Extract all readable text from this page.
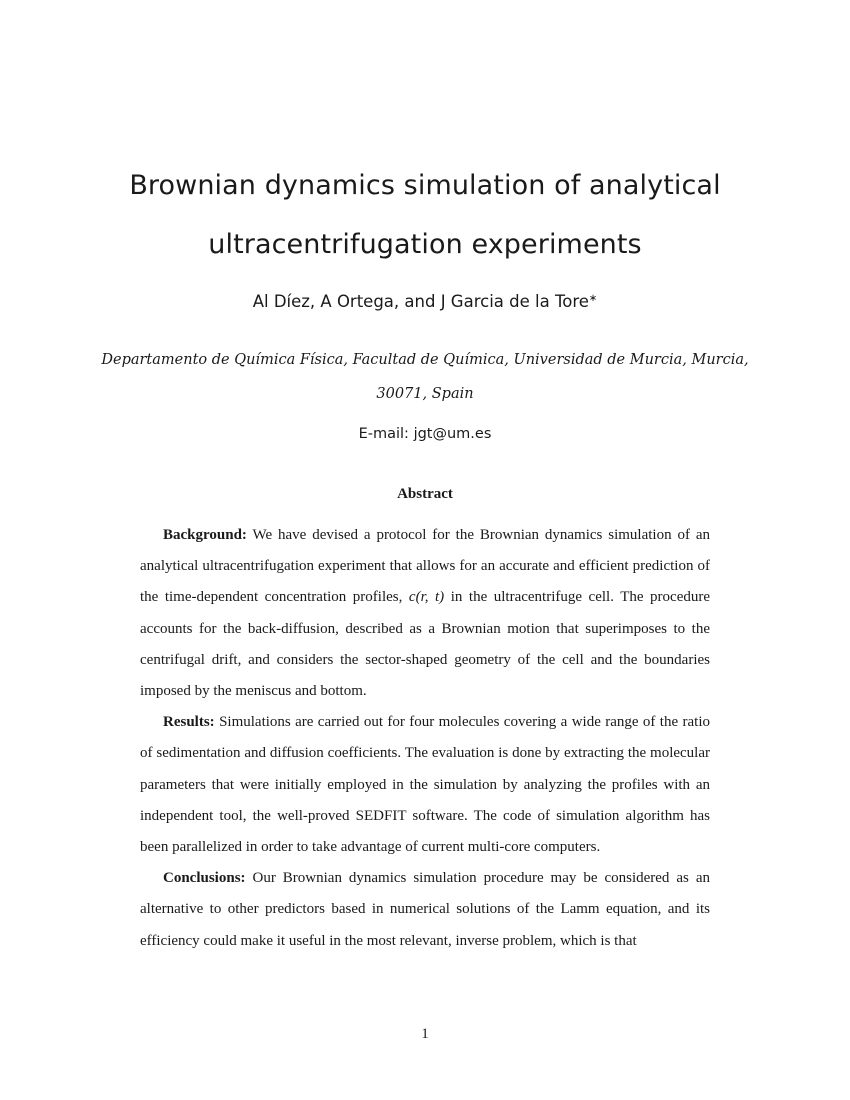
Brownian dynamics simulation of analytical ultracentrifugation experiments
Al Díez, A Ortega, and J Garcia de la Tore∗
Departamento de Química Física, Facultad de Química, Universidad de Murcia, Murcia, 30071, Spain
E-mail: jgt@um.es
Abstract

Background: We have devised a protocol for the Brownian dynamics simulation of an analytical ultracentrifugation experiment that allows for an accurate and efficient prediction of the time-dependent concentration profiles, c(r, t) in the ultracentrifuge cell. The procedure accounts for the back-diffusion, described as a Brownian motion that superimposes to the centrifugal drift, and considers the sector-shaped geometry of the cell and the boundaries imposed by the meniscus and bottom.

Results: Simulations are carried out for four molecules covering a wide range of the ratio of sedimentation and diffusion coefficients. The evaluation is done by extracting the molecular parameters that were initially employed in the simulation by analyzing the profiles with an independent tool, the well-proved SEDFIT software. The code of simulation algorithm has been parallelized in order to take advantage of current multi-core computers.

Conclusions: Our Brownian dynamics simulation procedure may be considered as an alternative to other predictors based in numerical solutions of the Lamm equation, and its efficiency could make it useful in the most relevant, inverse problem, which is that

1
